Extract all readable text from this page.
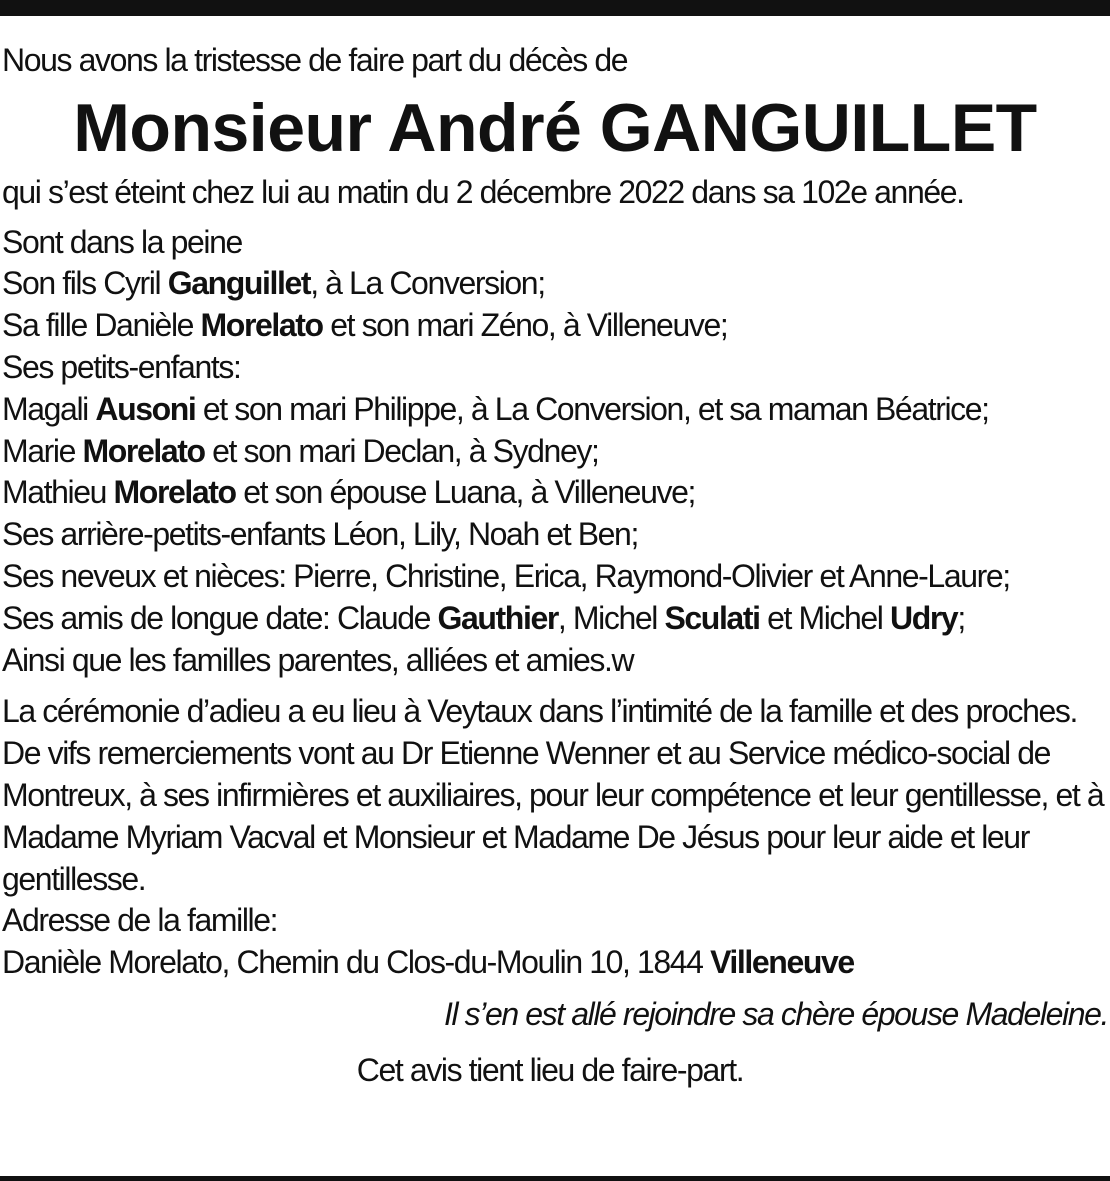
Nous avons la tristesse de faire part du décès de

Monsieur André GANGUILLET

qui s’est éteint chez lui au matin du 2 décembre 2022 dans sa 102e année.

Sont dans la peine

Son fils Cyril Ganguillet, à La Conversion;

Sa fille Danièle Morelato et son mari Zéno, à Villeneuve;

Ses petits-enfants:

Magali Ausoni et son mari Philippe, à La Conversion, et sa maman Béatrice;

Marie Morelato et son mari Declan, à Sydney;

Mathieu Morelato et son épouse Luana, à Villeneuve;

Ses arrière-petits-enfants Léon, Lily, Noah et Ben;

Ses neveux et nièces: Pierre, Christine, Erica, Raymond-Olivier et Anne-Laure;

Ses amis de longue date: Claude Gauthier, Michel Sculati et Michel Udry;

Ainsi que les familles parentes, alliées et amies.w

La cérémonie d’adieu a eu lieu à Veytaux dans l’intimité de la famille et des proches.

De vifs remerciements vont au Dr Etienne Wenner et au Service médico-social de Montreux, à ses infirmières et auxiliaires, pour leur compétence et leur gentillesse, et à Madame Myriam Vacval et Monsieur et Madame De Jésus pour leur aide et leur gentillesse.

Adresse de la famille:

Danièle Morelato, Chemin du Clos-du-Moulin 10, 1844 Villeneuve

Il s’en est allé rejoindre sa chère épouse Madeleine.

Cet avis tient lieu de faire-part.
